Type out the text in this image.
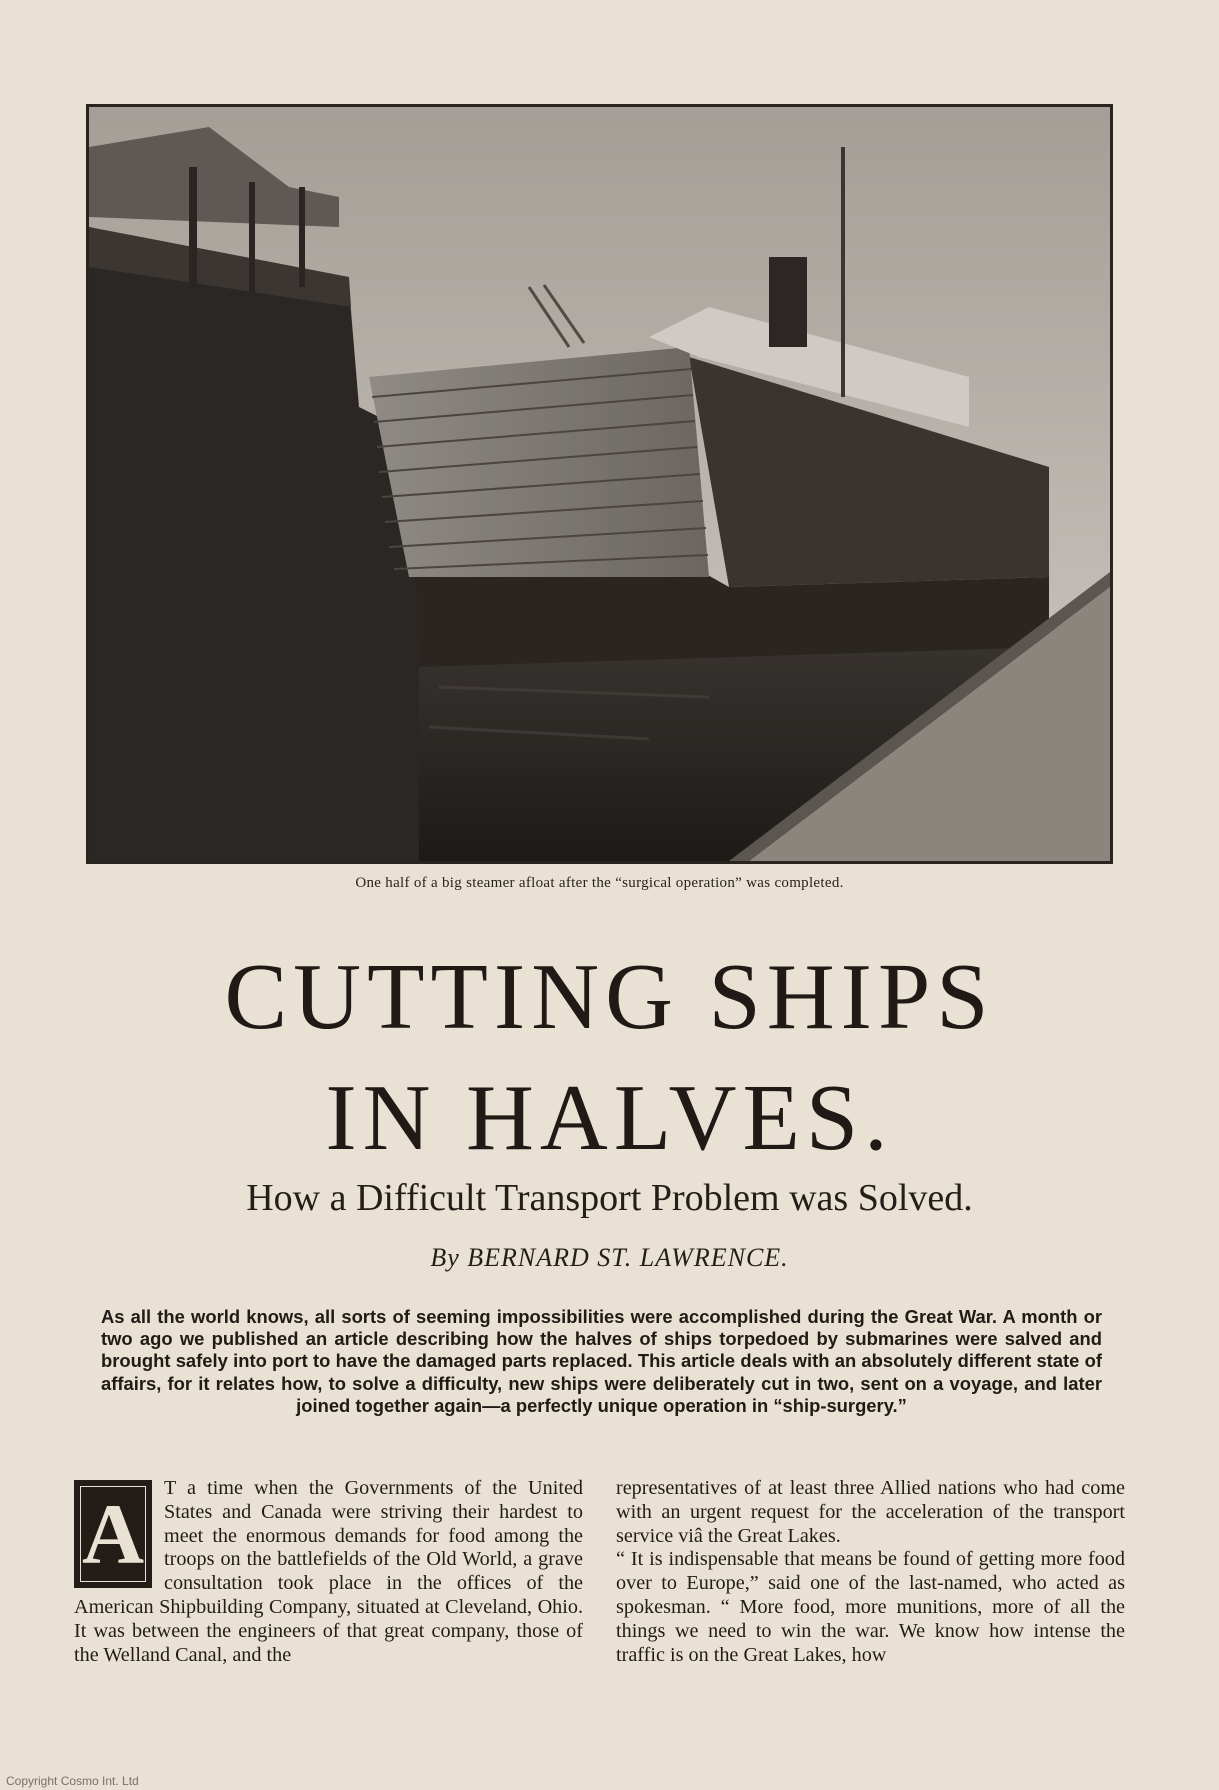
One half of a big steamer afloat after the “surgical operation” was completed.
CUTTING SHIPS
IN HALVES.
How a Difficult Transport Problem was Solved.
By BERNARD ST. LAWRENCE.
As all the world knows, all sorts of seeming impossibilities were accomplished during the Great War. A month or two ago we published an article describing how the halves of ships torpedoed by submarines were salved and brought safely into port to have the damaged parts replaced. This article deals with an absolutely different state of affairs, for it relates how, to solve a difficulty, new ships were deliberately cut in two, sent on a voyage, and later joined together again—a perfectly unique operation in “ship-surgery.”
A T a time when the Governments of the United States and Canada were striving their hardest to meet the enormous demands for food among the troops on the battlefields of the Old World, a grave consultation took place in the offices of the American Shipbuilding Company, situated at Cleveland, Ohio. It was between the engineers of that great company, those of the Welland Canal, and the

representatives of at least three Allied nations who had come with an urgent request for the acceleration of the transport service viâ the Great Lakes.

“ It is indispensable that means be found of getting more food over to Europe,” said one of the last-named, who acted as spokesman. “ More food, more munitions, more of all the things we need to win the war. We know how intense the traffic is on the Great Lakes, how

Copyright Cosmo Int. Ltd
